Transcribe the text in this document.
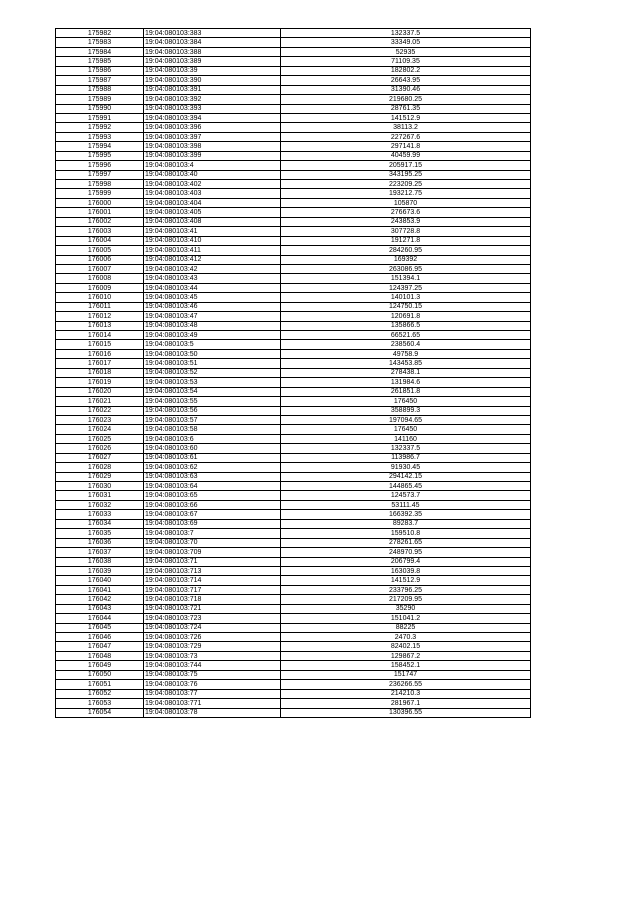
175982	19:04:080103:383	132337.5
175983	19:04:080103:384	33349.05
175984	19:04:080103:388	52935
175985	19:04:080103:389	71109.35
175986	19:04:080103:39	182802.2
175987	19:04:080103:390	26643.95
175988	19:04:080103:391	31390.46
175989	19:04:080103:392	219680.25
175990	19:04:080103:393	28761.35
175991	19:04:080103:394	141512.9
175992	19:04:080103:396	38113.2
175993	19:04:080103:397	227267.6
175994	19:04:080103:398	297141.8
175995	19:04:080103:399	40459.99
175996	19:04:080103:4	205917.15
175997	19:04:080103:40	343195.25
175998	19:04:080103:402	223209.25
175999	19:04:080103:403	193212.75
176000	19:04:080103:404	105870
176001	19:04:080103:405	276673.6
176002	19:04:080103:408	243853.9
176003	19:04:080103:41	307728.8
176004	19:04:080103:410	191271.8
176005	19:04:080103:411	284260.95
176006	19:04:080103:412	169392
176007	19:04:080103:42	263086.95
176008	19:04:080103:43	151394.1
176009	19:04:080103:44	124397.25
176010	19:04:080103:45	140101.3
176011	19:04:080103:46	124750.15
176012	19:04:080103:47	120691.8
176013	19:04:080103:48	135866.5
176014	19:04:080103:49	66521.65
176015	19:04:080103:5	238560.4
176016	19:04:080103:50	49758.9
176017	19:04:080103:51	143453.85
176018	19:04:080103:52	278438.1
176019	19:04:080103:53	131984.6
176020	19:04:080103:54	261851.8
176021	19:04:080103:55	176450
176022	19:04:080103:56	358899.3
176023	19:04:080103:57	197094.65
176024	19:04:080103:58	176450
176025	19:04:080103:6	141160
176026	19:04:080103:60	132337.5
176027	19:04:080103:61	113986.7
176028	19:04:080103:62	91930.45
176029	19:04:080103:63	294142.15
176030	19:04:080103:64	144865.45
176031	19:04:080103:65	124573.7
176032	19:04:080103:66	53111.45
176033	19:04:080103:67	166392.35
176034	19:04:080103:69	89283.7
176035	19:04:080103:7	159510.8
176036	19:04:080103:70	278261.65
176037	19:04:080103:709	248970.95
176038	19:04:080103:71	206799.4
176039	19:04:080103:713	163039.8
176040	19:04:080103:714	141512.9
176041	19:04:080103:717	233796.25
176042	19:04:080103:718	217209.95
176043	19:04:080103:721	35290
176044	19:04:080103:723	151041.2
176045	19:04:080103:724	88225
176046	19:04:080103:726	2470.3
176047	19:04:080103:729	82402.15
176048	19:04:080103:73	129867.2
176049	19:04:080103:744	158452.1
176050	19:04:080103:75	151747
176051	19:04:080103:76	236266.55
176052	19:04:080103:77	214210.3
176053	19:04:080103:771	281967.1
176054	19:04:080103:78	130396.55
